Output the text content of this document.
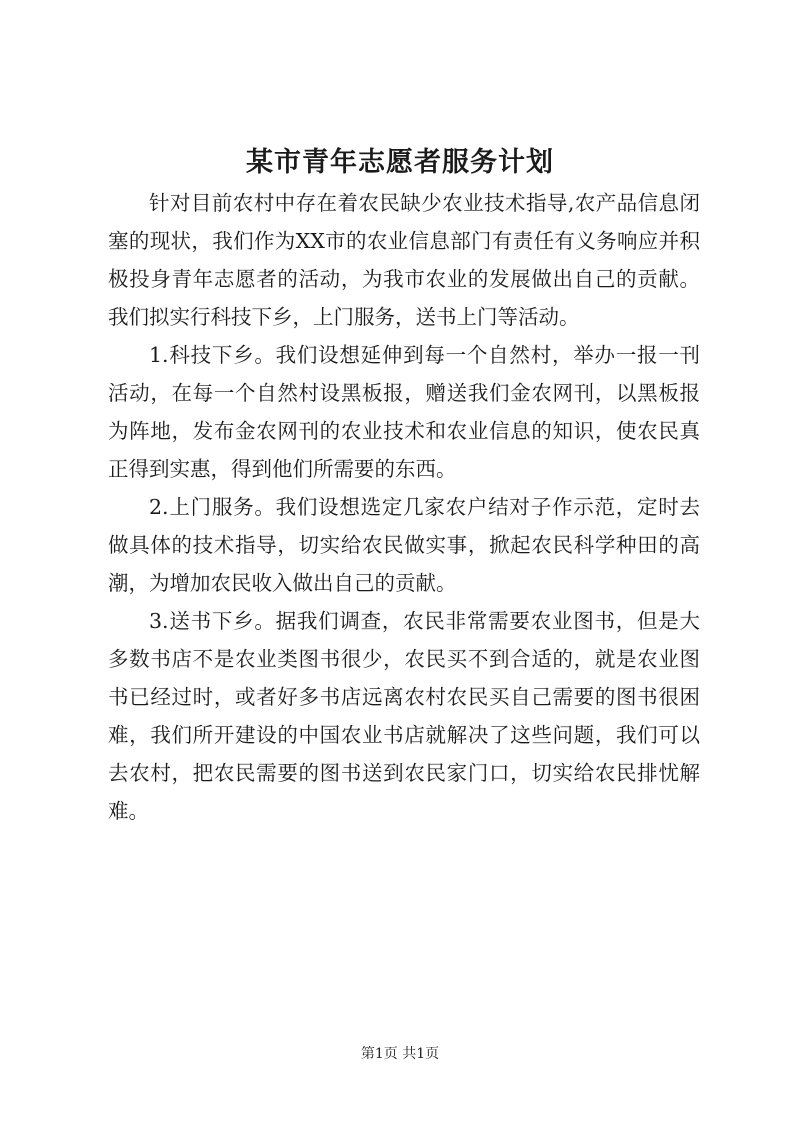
某市青年志愿者服务计划

针对目前农村中存在着农民缺少农业技术指导,农产品信息闭塞的现状，我们作为XX市的农业信息部门有责任有义务响应并积极投身青年志愿者的活动，为我市农业的发展做出自己的贡献。我们拟实行科技下乡，上门服务，送书上门等活动。

1.科技下乡。我们设想延伸到每一个自然村，举办一报一刊活动，在每一个自然村设黑板报，赠送我们金农网刊，以黑板报为阵地，发布金农网刊的农业技术和农业信息的知识，使农民真正得到实惠，得到他们所需要的东西。

2.上门服务。我们设想选定几家农户结对子作示范，定时去做具体的技术指导，切实给农民做实事，掀起农民科学种田的高潮，为增加农民收入做出自己的贡献。

3.送书下乡。据我们调查，农民非常需要农业图书，但是大多数书店不是农业类图书很少，农民买不到合适的，就是农业图书已经过时，或者好多书店远离农村农民买自己需要的图书很困难，我们所开建设的中国农业书店就解决了这些问题，我们可以去农村，把农民需要的图书送到农民家门口，切实给农民排忧解难。

第1页 共1页
